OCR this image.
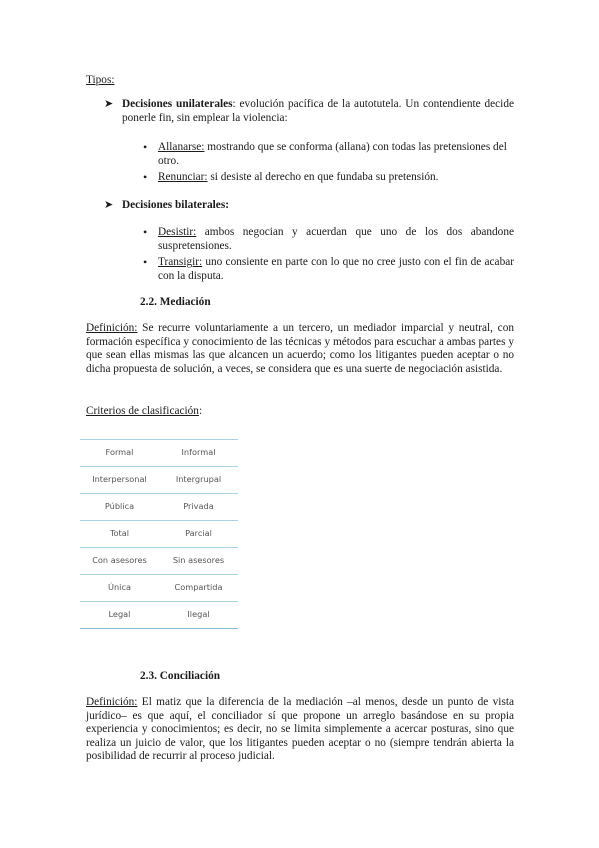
Tipos:
➤ Decisiones unilaterales: evolución pacífica de la autotutela. Un contendiente decide ponerle fin, sin emplear la violencia:
• Allanarse: mostrando que se conforma (allana) con todas las pretensiones del otro.
• Renunciar: si desiste al derecho en que fundaba su pretensión.
➤ Decisiones bilaterales:
• Desistir: ambos negocian y acuerdan que uno de los dos abandone suspretensiones.
• Transigir: uno consiente en parte con lo que no cree justo con el fin de acabar con la disputa.
2.2. Mediación
Definición: Se recurre voluntariamente a un tercero, un mediador imparcial y neutral, con formación específica y conocimiento de las técnicas y métodos para escuchar a ambas partes y que sean ellas mismas las que alcancen un acuerdo; como los litigantes pueden aceptar o no dicha propuesta de solución, a veces, se considera que es una suerte de negociación asistida.
Criterios de clasificación:
Formal	Informal
Interpersonal	Intergrupal
Pública	Privada
Total	Parcial
Con asesores	Sin asesores
Única	Compartida
Legal	Ilegal
2.3. Conciliación
Definición: El matiz que la diferencia de la mediación –al menos, desde un punto de vista jurídico– es que aquí, el conciliador sí que propone un arreglo basándose en su propia experiencia y conocimientos; es decir, no se limita simplemente a acercar posturas, sino que realiza un juicio de valor, que los litigantes pueden aceptar o no (siempre tendrán abierta la posibilidad de recurrir al proceso judicial.
